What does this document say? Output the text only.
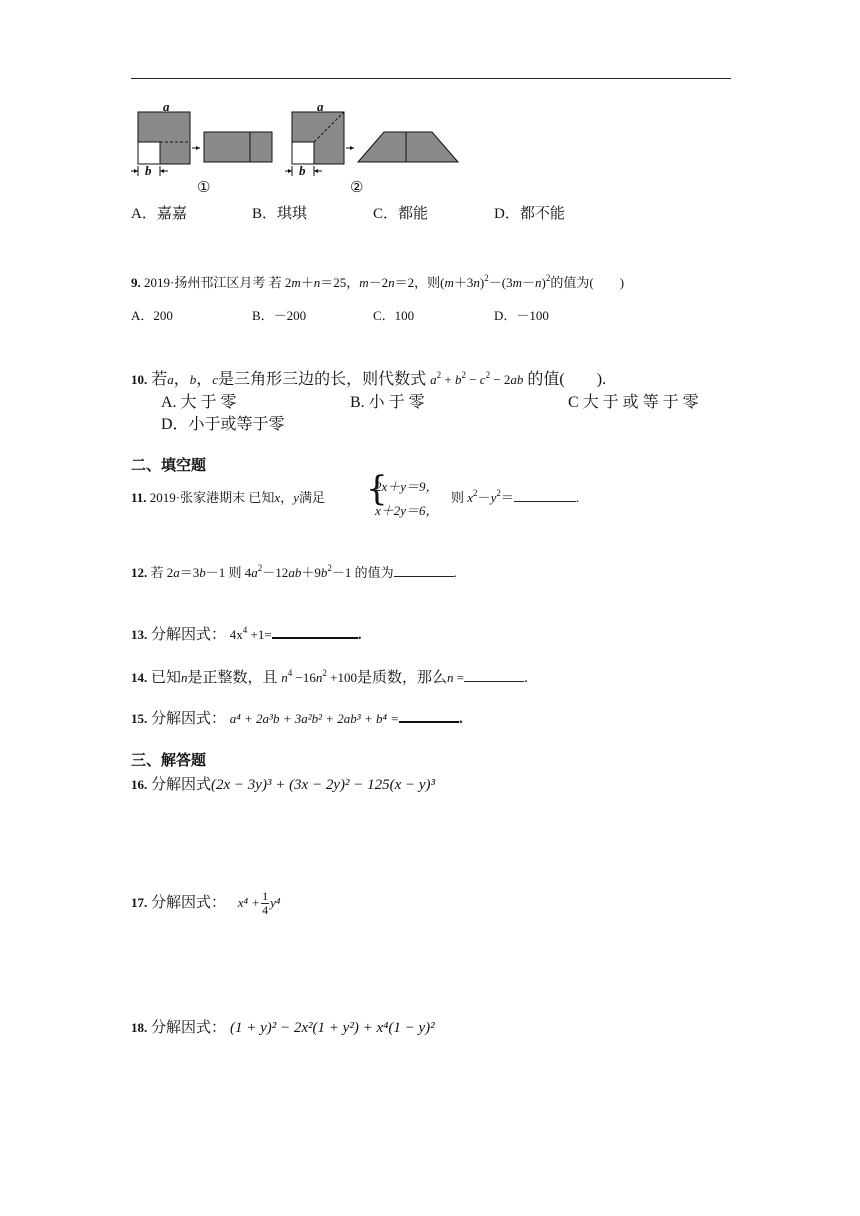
a
b
a
b
①	②
A．嘉嘉	B．琪琪	C．都能	D．都不能
9. 2019·扬州邗江区月考 若 2m＋n＝25，m－2n＝2，则$(m+3n)^2-(3m-n)^2$的值为(　　)
A．200	B．－200	C．100	D．－100
10. 若a，b，c是三角形三边的长，则代数式 $a^2 + b^2 - c^2 - 2ab$ 的值(　　).
A. 大 于 零	B. 小 于 零	C 大 于 或 等 于 零
D．小于或等于零
二、填空题
11. 2019·张家港期末 已知x，y满足 {
2x＋y＝9，
x＋2y＝6，
则 $x^2-y^2=$	.
12. 若 2a＝3b－1 则 $4a^2-12ab+9b^2-1$ 的值为	.
13. 分解因式： $4x^4 +1=$	.
14. 已知n是正整数，且 $n^4 -16n^2 +100$是质数，那么n =	.
15. 分解因式： a⁴ + 2a³b + 3a²b² + 2ab³ + b⁴ =	.
三、解答题
16. 分解因式(2x − 3y)³ + (3x − 2y)² − 125(x − y)³
17. 分解因式： $x^4 + \frac{1}{4} y^4$
18. 分解因式： (1 + y)² − 2x²(1 + y²) + x⁴(1 − y)²
